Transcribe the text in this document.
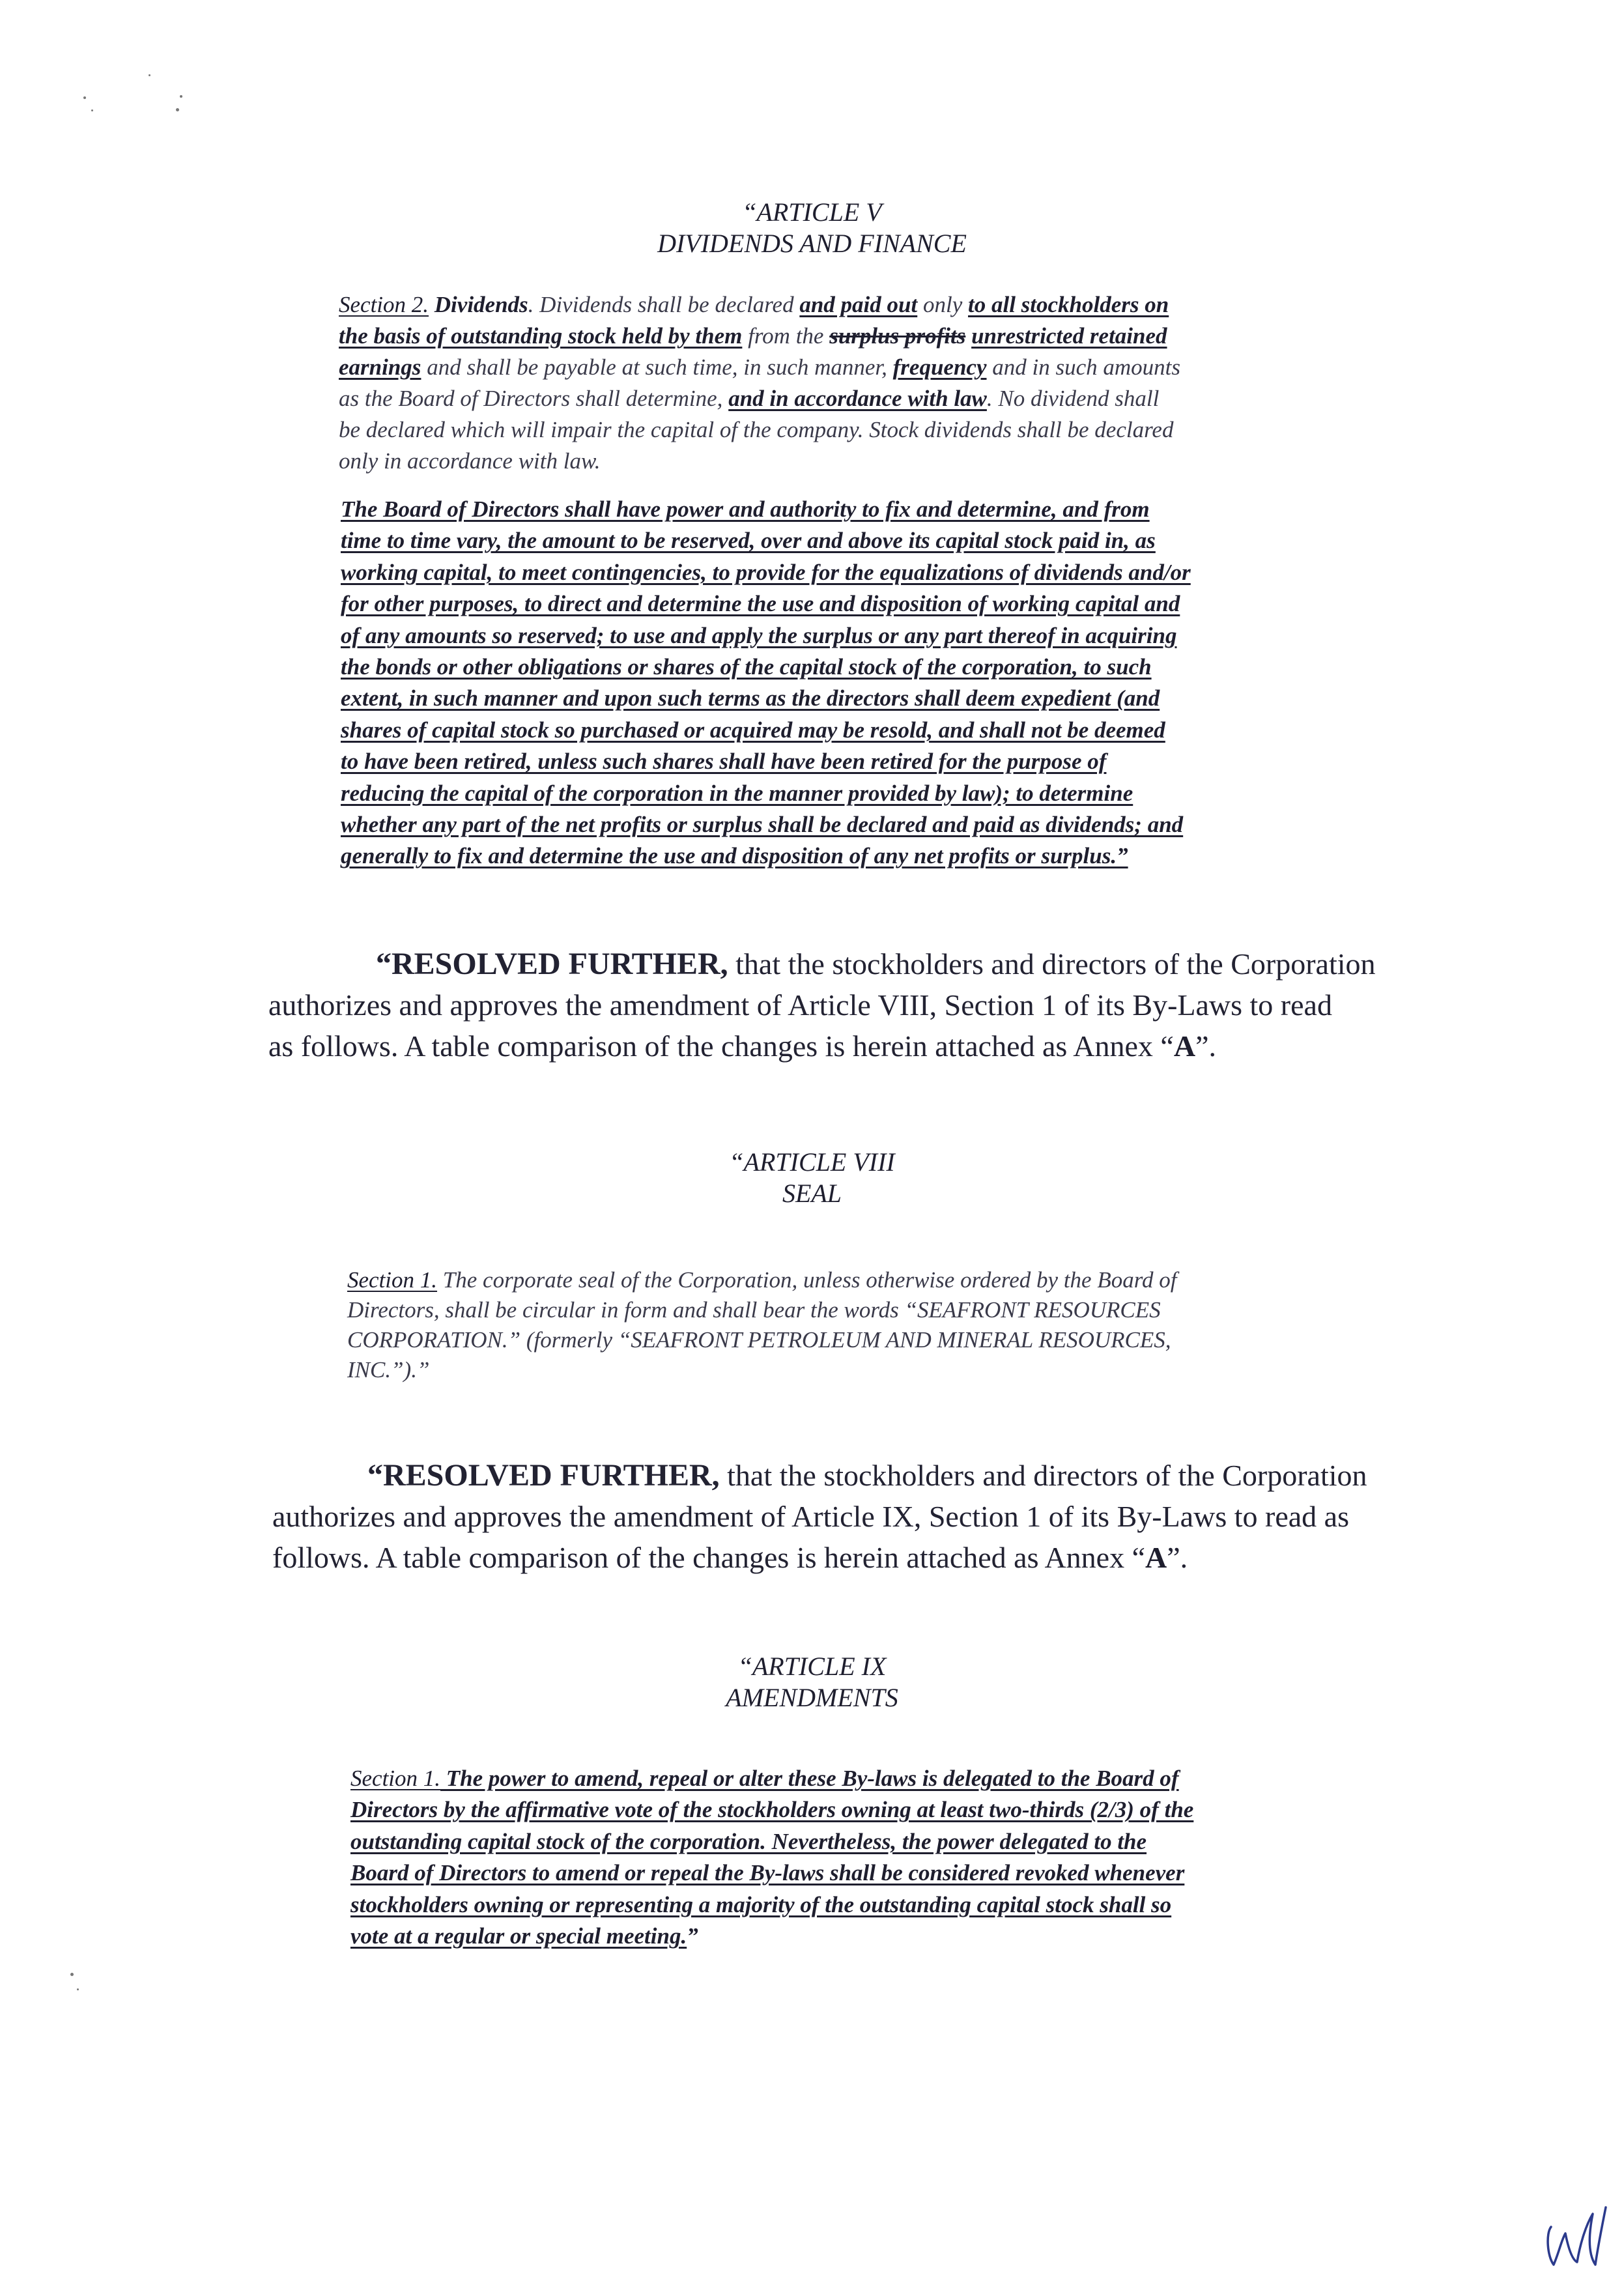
“ARTICLE V
DIVIDENDS AND FINANCE
Section 2. Dividends. Dividends shall be declared and paid out only to all stockholders on
the basis of outstanding stock held by them from the surplus profits unrestricted retained
earnings and shall be payable at such time, in such manner, frequency and in such amounts
as the Board of Directors shall determine, and in accordance with law. No dividend shall
be declared which will impair the capital of the company. Stock dividends shall be declared
only in accordance with law.
The Board of Directors shall have power and authority to fix and determine, and from
time to time vary, the amount to be reserved, over and above its capital stock paid in, as
working capital, to meet contingencies, to provide for the equalizations of dividends and/or
for other purposes, to direct and determine the use and disposition of working capital and
of any amounts so reserved; to use and apply the surplus or any part thereof in acquiring
the bonds or other obligations or shares of the capital stock of the corporation, to such
extent, in such manner and upon such terms as the directors shall deem expedient (and
shares of capital stock so purchased or acquired may be resold, and shall not be deemed
to have been retired, unless such shares shall have been retired for the purpose of
reducing the capital of the corporation in the manner provided by law); to determine
whether any part of the net profits or surplus shall be declared and paid as dividends; and
generally to fix and determine the use and disposition of any net profits or surplus.”
“RESOLVED FURTHER, that the stockholders and directors of the Corporation
authorizes and approves the amendment of Article VIII, Section 1 of its By-Laws to read
as follows. A table comparison of the changes is herein attached as Annex “A”.
“ARTICLE VIII
SEAL
Section 1. The corporate seal of the Corporation, unless otherwise ordered by the Board of
Directors, shall be circular in form and shall bear the words “SEAFRONT RESOURCES
CORPORATION.” (formerly “SEAFRONT PETROLEUM AND MINERAL RESOURCES,
INC.”).”
“RESOLVED FURTHER, that the stockholders and directors of the Corporation
authorizes and approves the amendment of Article IX, Section 1 of its By-Laws to read as
follows. A table comparison of the changes is herein attached as Annex “A”.
“ARTICLE IX
AMENDMENTS
Section 1. The power to amend, repeal or alter these By-laws is delegated to the Board of
Directors by the affirmative vote of the stockholders owning at least two-thirds (2/3) of the
outstanding capital stock of the corporation. Nevertheless, the power delegated to the
Board of Directors to amend or repeal the By-laws shall be considered revoked whenever
stockholders owning or representing a majority of the outstanding capital stock shall so
vote at a regular or special meeting.”
